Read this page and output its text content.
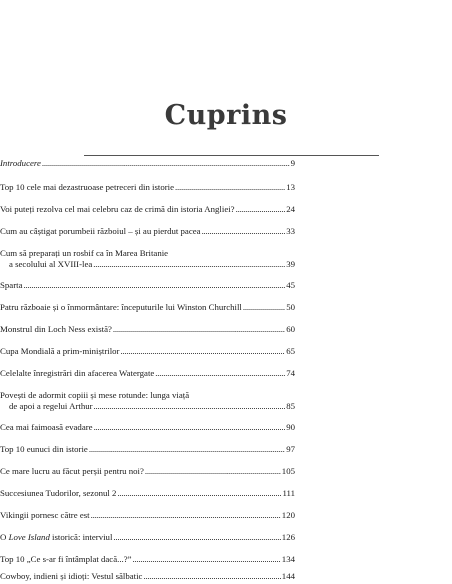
Cuprins
Introducere . . .	9
Top 10 cele mai dezastruoase petreceri din istorie . . .	13
Voi puteți rezolva cel mai celebru caz de crimă din istoria Angliei? . . .	24
Cum au câștigat porumbeii războiul – și au pierdut pacea . . .	33
Cum să preparați un rosbif ca în Marea Britanie
a secolului al XVIII-lea . . .	39
Sparta . . .	45
Patru războaie și o înmormântare: începuturile lui Winston Churchill . . .	50
Monstrul din Loch Ness există? . . .	60
Cupa Mondială a prim-miniștrilor . . .	65
Celelalte înregistrări din afacerea Watergate . . .	74
Povești de adormit copiii și mese rotunde: lunga viață
de apoi a regelui Arthur . . .	85
Cea mai faimoasă evadare . . .	90
Top 10 eunuci din istorie . . .	97
Ce mare lucru au făcut perșii pentru noi? . . .	105
Succesiunea Tudorilor, sezonul 2 . . .	111
Vikingii pornesc către est . . .	120
O Love Island istorică: interviul . . .	126
Top 10 „Ce s-ar fi întâmplat dacă...?” . . .	134
Cowboy, indieni și idioți: Vestul sălbatic . . .	144
